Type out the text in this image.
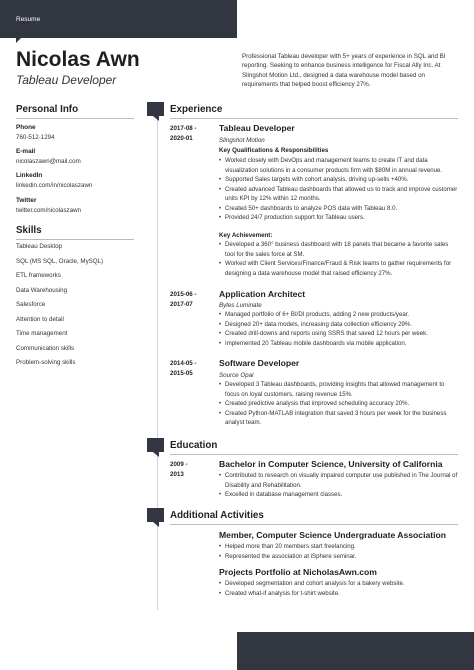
Resume
Nicolas Awn
Tableau Developer
Professional Tableau developer with 5+ years of experience in SQL and BI reporting. Seeking to enhance business intelligence for Fiscal Ally Inc. At Slingshot Motion Ltd., designed a data warehouse model based on requirements that helped boost efficiency 27%.
Personal Info
Phone
760-512-1294
E-mail
nicolaszawn@mail.com
LinkedIn
linkedin.com/in/nicolaszawn
Twitter
twitter.com/nicolaszawn
Skills
Tableau Desktop
SQL (MS SQL, Oracle, MySQL)
ETL frameworks
Data Warehousing
Salesforce
Attention to detail
Time management
Communication skills
Problem-solving skills
Experience
2017-08 -
2020-01
Tableau Developer
Slingshot Motion
Key Qualifications & Responsibilities
• Worked closely with DevOps and management teams to create IT and data visualization solutions in a consumer products firm with $80M in annual revenue.
• Supported Sales targets with cohort analysis, driving up-sells +40%.
• Created advanced Tableau dashboards that allowed us to track and improve customer units KPI by 12% within 12 months.
• Created 50+ dashboards to analyze POS data with Tableau 8.0.
• Provided 24/7 production support for Tableau users.
Key Achievement:
• Developed a 360° business dashboard with 18 panels that became a favorite sales tool for the sales force at SM.
• Worked with Client Services/Finance/Fraud & Risk teams to gather requirements for designing a data warehouse model that raised efficiency 27%.
2015-06 -
2017-07
Application Architect
Bytes Luminate
• Managed portfolio of 6+ BI/DI products, adding 2 new products/year.
• Designed 20+ data models, increasing data collection efficiency 29%.
• Created drill-downs and reports using SSRS that saved 12 hours per week.
• Implemented 20 Tableau mobile dashboards via mobile application.
2014-05 -
2015-05
Software Developer
Source Opal
• Developed 3 Tableau dashboards, providing insights that allowed management to focus on loyal customers, raising revenue 15%.
• Created predictive analysis that improved scheduling accuracy 20%.
• Created Python-MATLAB integration that saved 3 hours per week for the business analyst team.
Education
2009 -
2013
Bachelor in Computer Science, University of California
• Contributed to research on visually impaired computer use published in The Journal of Disability and Rehabilitation.
• Excelled in database management classes.
Additional Activities
Member, Computer Science Undergraduate Association
• Helped more than 20 members start freelancing.
• Represented the association at iSphere seminar.
Projects Portfolio at NicholasAwn.com
• Developed segmentation and cohort analysis for a bakery website.
• Created what-if analysis for t-shirt website.
